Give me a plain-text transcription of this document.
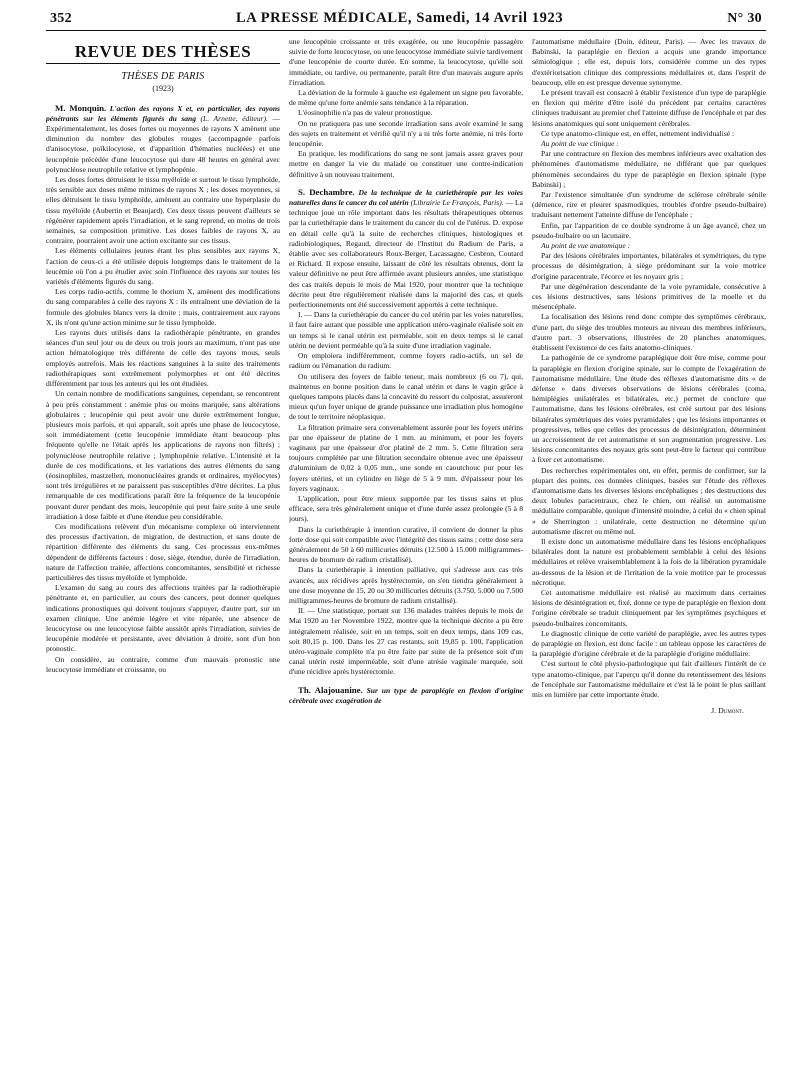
352	LA PRESSE MÉDICALE, Samedi, 14 Avril 1923	N° 30
REVUE DES THÈSES
THÈSES DE PARIS
(1923)

M. Monquin. L'action des rayons X et, en particulier, des rayons pénétrants sur les éléments figurés du sang (L. Arnette, éditeur). — Expérimentalement, les doses fortes ou moyennes de rayons X amènent une diminution du nombre des globules rouges (accompagnée parfois d'anisocytose, poïkilocytose, et d'apparition d'hématies nucléées) et une leucopénie précédée d'une leucocytose qui dure 48 heures en général avec polynucléose neutrophile relative et lymphopénie.

Les doses fortes détruisent le tissu myéloïde et surtout le tissu lymphoïde, très sensible aux doses même minimes de rayons X ; les doses moyennes, si elles détruisent le tissu lymphoïde, amènent au contraire une hyperplasie du tissu myéloïde (Aubertin et Beaujard). Ces deux tissus peuvent d'ailleurs se régénérer rapidement après l'irradiation, et le sang reprend, en moins de trois semaines, sa composition primitive. Les doses faibles de rayons X, au contraire, pourraient avoir une action excitante sur ces tissus.

Les éléments cellulaires jeunes étant les plus sensibles aux rayons X, l'action de ceux-ci a été utilisée depuis longtemps dans le traitement de la leucémie où l'on a pu étudier avec soin l'influence des rayons sur toutes les variétés d'éléments figurés du sang.

Les corps radio-actifs, comme le thorium X, amènent des modifications du sang comparables à celle des rayons X : ils entraînent une déviation de la formule des globules blancs vers la droite ; mais, contrairement aux rayons X, ils n'ont qu'une action minime sur le tissu lymphoïde.

Les rayons durs utilisés dans la radiothérapie pénétrante, en grandes séances d'un seul jour ou de deux ou trois jours au maximum, n'ont pas une action hématologique très différente de celle des rayons mous, seuls employés autrefois. Mais les réactions sanguines à la suite des traitements radiothérapiques sont extrêmement polymorphes et ont été décrites différemment par tous les auteurs qui les ont étudiées.

Un certain nombre de modifications sanguines, cependant, se rencontrent à peu près constamment : anémie plus ou moins marquée, sans altérations globulaires ; leucopénie qui peut avoir une durée extrêmement longue, plusieurs mois parfois, et qui apparaît, soit après une phase de leucocytose, soit immédiatement (cette leucopénie immédiate étant beaucoup plus fréquente qu'elle ne l'était après les applications de rayons non filtrés) ; polynucléose neutrophile relative ; lymphopénie relative. L'intensité et la durée de ces modifications, et les variations des autres éléments du sang (éosinophiles, mastzellen, mononucléaires grands et ordinaires, myélocytes) sont très irrégulières et ne paraissent pas susceptibles d'être décrites. La plus remarquable de ces modifications paraît être la fréquence de la leucopénie pouvant durer pendant des mois, leucopénie qui peut faire suite à une seule irradiation à dose faible et d'une étendue peu considérable.

Ces modifications relèvent d'un mécanisme complexe où interviennent des processus d'activation, de migration, de destruction, et sans doute de répartition différente des éléments du sang. Ces processus eux-mêmes dépendent de différents facteurs : dose, siège, étendue, durée de l'irradiation, nature de l'affection traitée, affections concomitantes, sensibilité et richesse particulières des tissus myéloïde et lymphoïde.

L'examen du sang au cours des affections traitées par la radiothérapie pénétrante et, en particulier, au cours des cancers, peut donner quelques indications pronostiques qui doivent toujours s'appuyer, d'autre part, sur un examen clinique. Une anémie légère et vite réparée, une absence de leucocytose ou une leucocytose faible aussitôt après l'irradiation, suivies de leucopénie modérée et persistante, avec déviation à droite, sont d'un bon pronostic.

On considère, au contraire, comme d'un mauvais pronostic une leucocytose immédiate et croissante, ou

une leucopénie croissante et très exagérée, ou une leucopénie passagère suivie de forte leucocytose, ou une leucocytose immédiate suivie tardivement d'une leucopénie de courte durée. En somme, la leucocytose, qu'elle soit immédiate, ou tardive, ou permanente, paraît être d'un mauvais augure après l'irradiation.

La déviation de la formule à gauche est également un signe peu favorable, de même qu'une forte anémie sans tendance à la réparation.

L'éosinophilie n'a pas de valeur pronostique.

On ne pratiquera pas une seconde irradiation sans avoir examiné le sang des sujets en traitement et vérifié qu'il n'y a ni très forte anémie, ni très forte leucopénie.

En pratique, les modifications du sang ne sont jamais assez graves pour mettre en danger la vie du malade ou constituer une contre-indication définitive à un nouveau traitement.

S. Dechambre. De la technique de la curiethérapie par les voies naturelles dans le cancer du col utérin (Librairie Le François, Paris). — La technique joue un rôle important dans les résultats thérapeutiques obtenus par la curiethérapie dans le traitement du cancer du col de l'utérus. D. expose en détail celle qu'à la suite de recherches cliniques, histologiques et radiobiologiques, Regaud, directeur de l'Institut du Radium de Paris, a établie avec ses collaborateurs Roux-Berger, Lacassagne, Cesbron, Coutard et Richard. Il expose ensuite, laissant de côté les résultats obtenus, dont la valeur définitive ne peut être affirmée avant plusieurs années, une statistique des cas traités depuis le mois de Mai 1920, pour montrer que la technique décrite peut être régulièrement réalisée dans la majorité des cas, et quels perfectionnements ont été successivement apportés à cette technique.

I. — Dans la curiethérapie du cancer du col utérin par les voies naturelles, il faut faire autant que possible une application utéro-vaginale réalisée soit en un temps si le canal utérin est perméable, soit en deux temps si le canal utérin ne devient perméable qu'à la suite d'une irradiation vaginale.

On emploiera indifféremment, comme foyers radio-actifs, un sel de radium ou l'émanation du radium.

On utilisera des foyers de faible teneur, mais nombreux (6 ou 7), qui, maintenus en bonne position dans le canal utérin et dans le vagin grâce à quelques tampons placés dans la concavité du ressort du colpostat, assureront mieux qu'un foyer unique de grande puissance une irradiation plus homogène de tout le territoire néoplasique.

La filtration primaire sera convenablement assurée pour les foyers utérins par une épaisseur de platine de 1 mm. au minimum, et pour les foyers vaginaux par une épaisseur d'or platiné de 2 mm. 5. Cette filtration sera toujours complétée par une filtration secondaire obtenue avec une épaisseur d'aluminium de 0,02 à 0,05 mm., une sonde en caoutchouc pur pour les foyers utérins, et un cylindre en liège de 5 à 9 mm. d'épaisseur pour les foyers vaginaux.

L'application, pour être mieux supportée par les tissus sains et plus efficace, sera très généralement unique et d'une durée assez prolongée (5 à 8 jours).

Dans la curiethérapie à intention curative, il convient de donner la plus forte dose qui soit compatible avec l'intégrité des tissus sains ; cette dose sera généralement de 50 à 60 millicuries détruits (12.500 à 15.000 milligrammes-heures de bromure de radium cristallisé).

Dans la curiethérapie à intention palliative, qui s'adresse aux cas très avancés, aux récidives après hystérectomie, on s'en tiendra généralement à une dose moyenne de 15, 20 ou 30 millicuries détruits (3.750, 5.000 ou 7.500 milligrammes-heures de bromure de radium cristallisé).

II. — Une statistique, portant sur 136 malades traitées depuis le mois de Mai 1920 au 1er Novembre 1922, montre que la technique décrite a pu être intégralement réalisée, soit en un temps, soit en deux temps, dans 109 cas, soit 80,15 p. 100. Dans les 27 cas restants, soit 19,85 p. 100, l'application utéro-vaginale complète n'a pu être faite par suite de la présence soit d'un canal utérin resté imperméable, soit d'une atrésie vaginale marquée, soit d'une récidive après hystérectomie.

Th. Alajouanine. Sur un type de paraplégie en flexion d'origine cérébrale avec exagération de

l'automatisme médullaire (Doin, éditeur, Paris). — Avec les travaux de Babinski, la paraplégie en flexion a acquis une grande importance sémiologique ; elle est, depuis lors, considérée comme un des types d'extériorisation clinique des compressions médullaires et, dans l'esprit de beaucoup, elle en est presque devenue synonyme.

Le présent travail est consacré à établir l'existence d'un type de paraplégie en flexion qui mérite d'être isolé du précédent par certains caractères cliniques traduisant au premier chef l'atteinte diffuse de l'encéphale et par des lésions anatomiques qui sont uniquement cérébrales.

Ce type anatomo-clinique est, en effet, nettement individualisé :

Au point de vue clinique :

Par une contracture en flexion des membres inférieurs avec exaltation des phénomènes d'automatisme médullaire, ne différant que par quelques phénomènes secondaires du type de paraplégie en flexion spinale (type Babinski) ;

Par l'existence simultanée d'un syndrome de sclérose cérébrale sénile (démence, rire et pleurer spasmodiques, troubles d'ordre pseudo-bulbaire) traduisant nettement l'atteinte diffuse de l'encéphale ;

Enfin, par l'apparition de ce double syndrome à un âge avancé, chez un pseudo-bulbaire ou un lacunaire.

Au point de vue anatomique :

Par des lésions cérébrales importantes, bilatérales et symétriques, du type processus de désintégration, à siège prédominant sur la voie motrice d'origine paracentrale, l'écorce et les noyaux gris ;

Par une dégénération descendante de la voie pyramidale, consécutive à ces lésions destructives, sans lésions primitives de la moelle et du mésencéphale.

La localisation des lésions rend donc compte des symptômes cérébraux, d'une part, du siège des troubles moteurs au niveau des membres inférieurs, d'autre part. 3 observations, illustrées de 20 planches anatomiques, établissent l'existence de ces faits anatomo-cliniques.

La pathogénie de ce syndrome paraplégique doit être mise, comme pour la paraplégie en flexion d'origine spinale, sur le compte de l'exagération de l'automatisme médullaire. Une étude des réflexes d'automatisme dits « de défense » dans diverses observations de lésions cérébrales (coma, hémiplégies unilatérales et bilatérales, etc.) permet de conclure que l'automatisme, dans les lésions cérébrales, est créé surtout par des lésions bilatérales symétriques des voies pyramidales ; que les lésions importantes et progressives, telles que celles des processus de désintégration, déterminent un accroissement de cet automatisme et son augmentation progressive. Les lésions concomitantes des noyaux gris sont peut-être le facteur qui contribue à fixer cet automatisme.

Des recherches expérimentales ont, en effet, permis de confirmer, sur la plupart des points, ces données cliniques, basées sur l'étude des réflexes d'automatisme dans les diverses lésions encéphaliques ; des destructions des deux lobules paracentraux, chez le chien, ont réalisé un automatisme médullaire comparable, quoique d'intensité moindre, à celui du « chien spinal » de Sherrington : unilatérale, cette destruction ne détermine qu'un automatisme discret ou même nul.

Il existe donc un automatisme médullaire dans les lésions encéphaliques bilatérales dont la nature est probablement semblable à celui des lésions médullaires et relève vraisemblablement à la fois de la libération pyramidale au-dessous de la lésion et de l'irritation de la voie motrice par le processus nécrotique.

Cet automatisme médullaire est réalisé au maximum dans certaines lésions de désintégration et, fixé, donne ce type de paraplégie en flexion dont l'origine cérébrale se traduit cliniquement par les symptômes psychiques et pseudo-bulbaires concomitants.

Le diagnostic clinique de cette variété de paraplégie, avec les autres types de paraplégie en flexion, est donc facile : un tableau oppose les caractères de la paraplégie d'origine cérébrale et de la paraplégie d'origine médullaire.

C'est surtout le côté physio-pathologique qui fait d'ailleurs l'intérêt de ce type anatomo-clinique, par l'aperçu qu'il donne du retentissement des lésions de l'encéphale sur l'automatisme médullaire et c'est là le point le plus saillant mis en lumière par cette importante étude.

J. Dumont.
